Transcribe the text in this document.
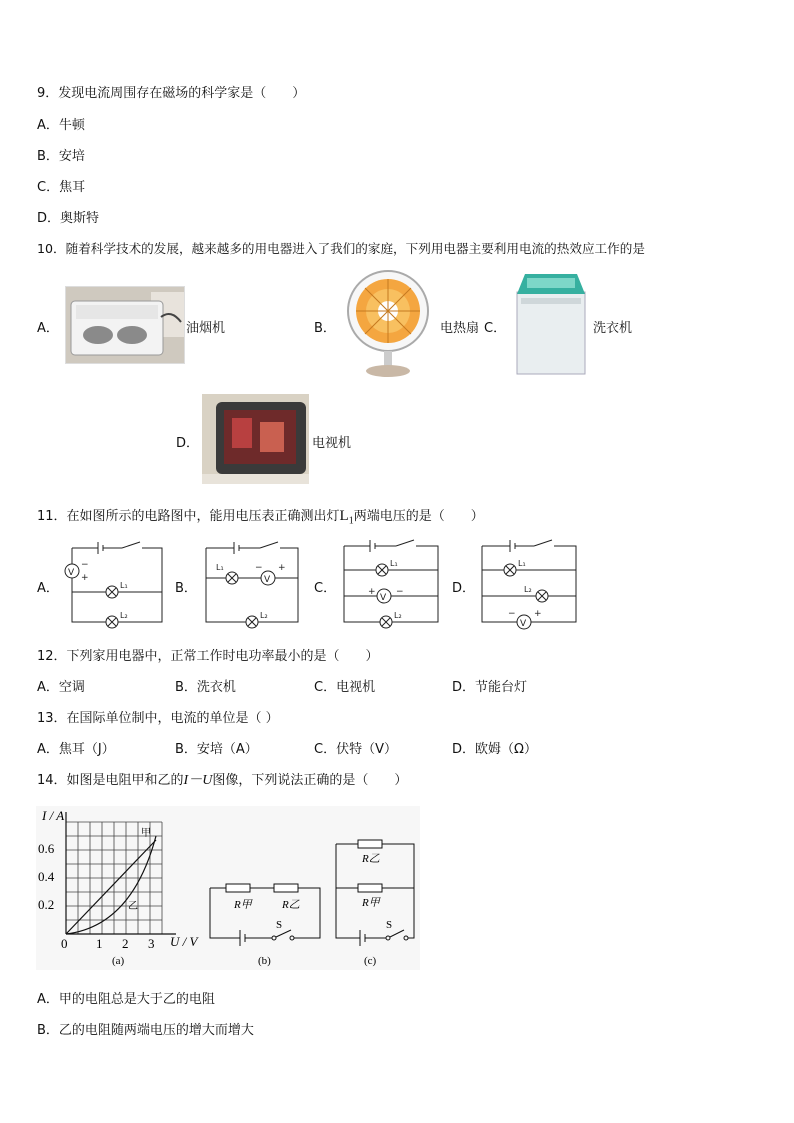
9．发现电流周围存在磁场的科学家是（　　）
A．牛顿
B．安培
C．焦耳
D．奥斯特
10．随着科学技术的发展，越来越多的用电器进入了我们的家庭，下列用电器主要利用电流的热效应工作的是
A．	油烟机	B．	电热扇 C．	洗衣机
D．	电视机
11．在如图所示的电路图中，能用电压表正确测出灯$L_1$两端电压的是（　　）
A．
V
−
+
L₁
L₂
B．
L₁
V
− +
L₂
C．
L₁
V
+ −
L₂
D．
L₁
L₂
V
− +
12．下列家用电器中，正常工作时电功率最小的是（　　）
A．空调	B．洗衣机	C．电视机	D．节能台灯
13．在国际单位制中，电流的单位是（ ）
A．焦耳（J）	B．安培（A）	C．伏特（V）	D．欧姆（Ω）
14．如图是电阻甲和乙的I－U图像，下列说法正确的是（　　）
I / A
U / V
0.6
0.4
0.2
0 1 2 3
甲
乙
(a)
R甲	R乙
S
(b)
R乙
R甲
S
(c)
A．甲的电阻总是大于乙的电阻
B．乙的电阻随两端电压的增大而增大
